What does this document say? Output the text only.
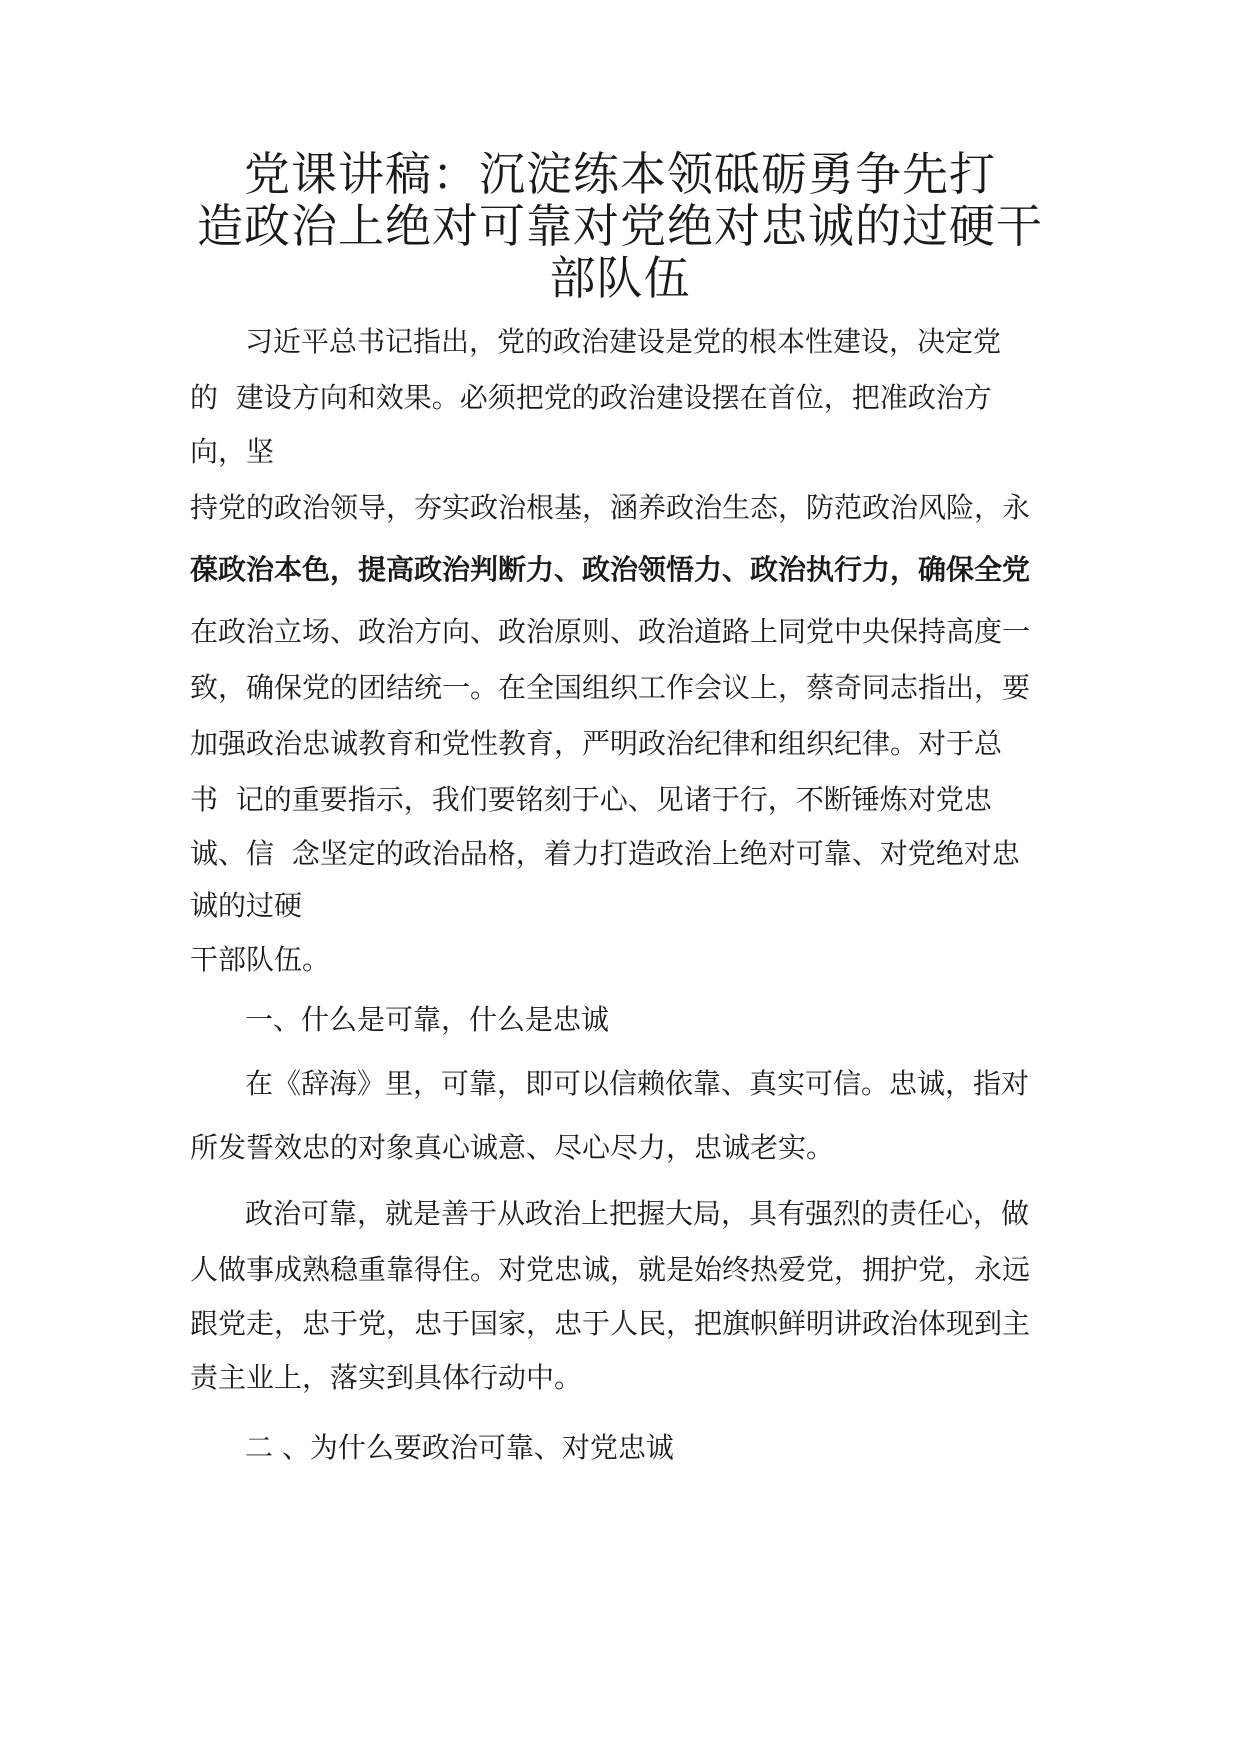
党课讲稿：沉淀练本领砥砺勇争先打
造政治上绝对可靠对党绝对忠诚的过硬干
部队伍

习近平总书记指出，党的政治建设是党的根本性建设，决定党

的  建设方向和效果。必须把党的政治建设摆在首位，把准政治方

向，坚

持党的政治领导，夯实政治根基，涵养政治生态，防范政治风险，永

葆政治本色，提高政治判断力、政治领悟力、政治执行力，确保全党

在政治立场、政治方向、政治原则、政治道路上同党中央保持高度一

致，确保党的团结统一。在全国组织工作会议上，蔡奇同志指出，要

加强政治忠诚教育和党性教育，严明政治纪律和组织纪律。对于总

书  记的重要指示，我们要铭刻于心、见诸于行，不断锤炼对党忠

诚、信  念坚定的政治品格，着力打造政治上绝对可靠、对党绝对忠

诚的过硬

干部队伍。

一、什么是可靠，什么是忠诚

在《辞海》里，可靠，即可以信赖依靠、真实可信。忠诚，指对

所发誓效忠的对象真心诚意、尽心尽力，忠诚老实。

政治可靠，就是善于从政治上把握大局，具有强烈的责任心，做

人做事成熟稳重靠得住。对党忠诚，就是始终热爱党，拥护党，永远

跟党走，忠于党，忠于国家，忠于人民，把旗帜鲜明讲政治体现到主

责主业上，落实到具体行动中。

二 、为什么要政治可靠、对党忠诚
